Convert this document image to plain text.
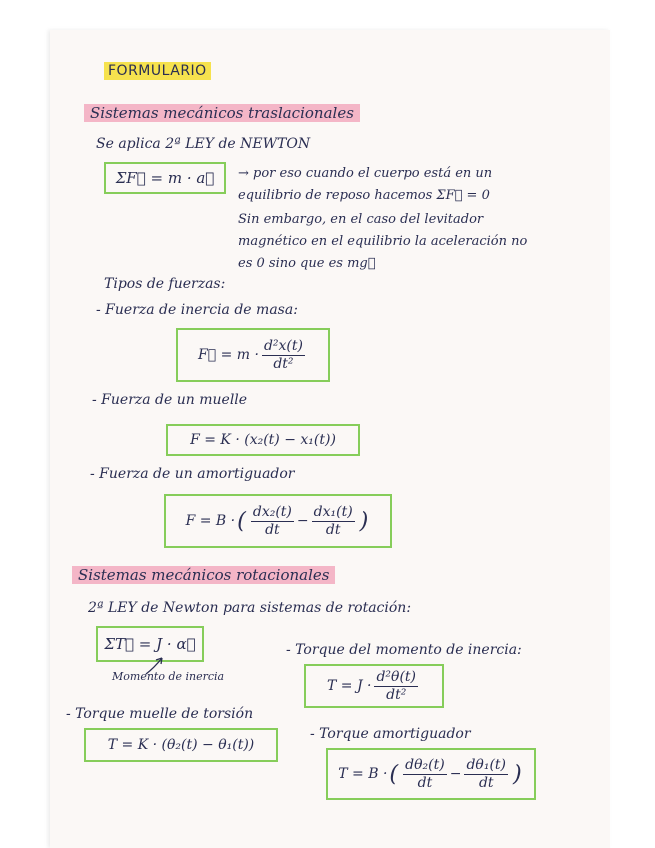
FORMULARIO
Sistemas mecánicos traslacionales
Se aplica 2ª LEY de NEWTON
ΣF⃗ = m · a⃗ → por eso cuando el cuerpo está en un
equilibrio de reposo hacemos ΣF⃗ = 0
Sin embargo, en el caso del levitador
magnético en el equilibrio la aceleración no
es 0 sino que es mg⃗
Tipos de fuerzas:
- Fuerza de inercia de masa:
F⃗ = $m \cdot \frac{\text{d²x(t)}}{\text{dt²}}$
- Fuerza de un muelle
F = K · (x₂(t) − x₁(t))
- Fuerza de un amortiguador
F = B · ( $\frac{\text{dx₂(t)}}{dt} - \frac{\text{dx₁(t)}}{dt}$ )
Sistemas mecánicos rotacionales
2ª LEY de Newton para sistemas de rotación:
ΣT⃗ = J · α⃗
Momento de inercia
- Torque del momento de inercia:
$T = J \cdot \frac{\text{d²θ(t)}}{\text{dt²}}$
- Torque muelle de torsión
T = K · (θ₂(t) − θ₁(t))
- Torque amortiguador
T = B · ( $\frac{\text{dθ₂(t)}}{dt} - \frac{\text{dθ₁(t)}}{dt}$ )
